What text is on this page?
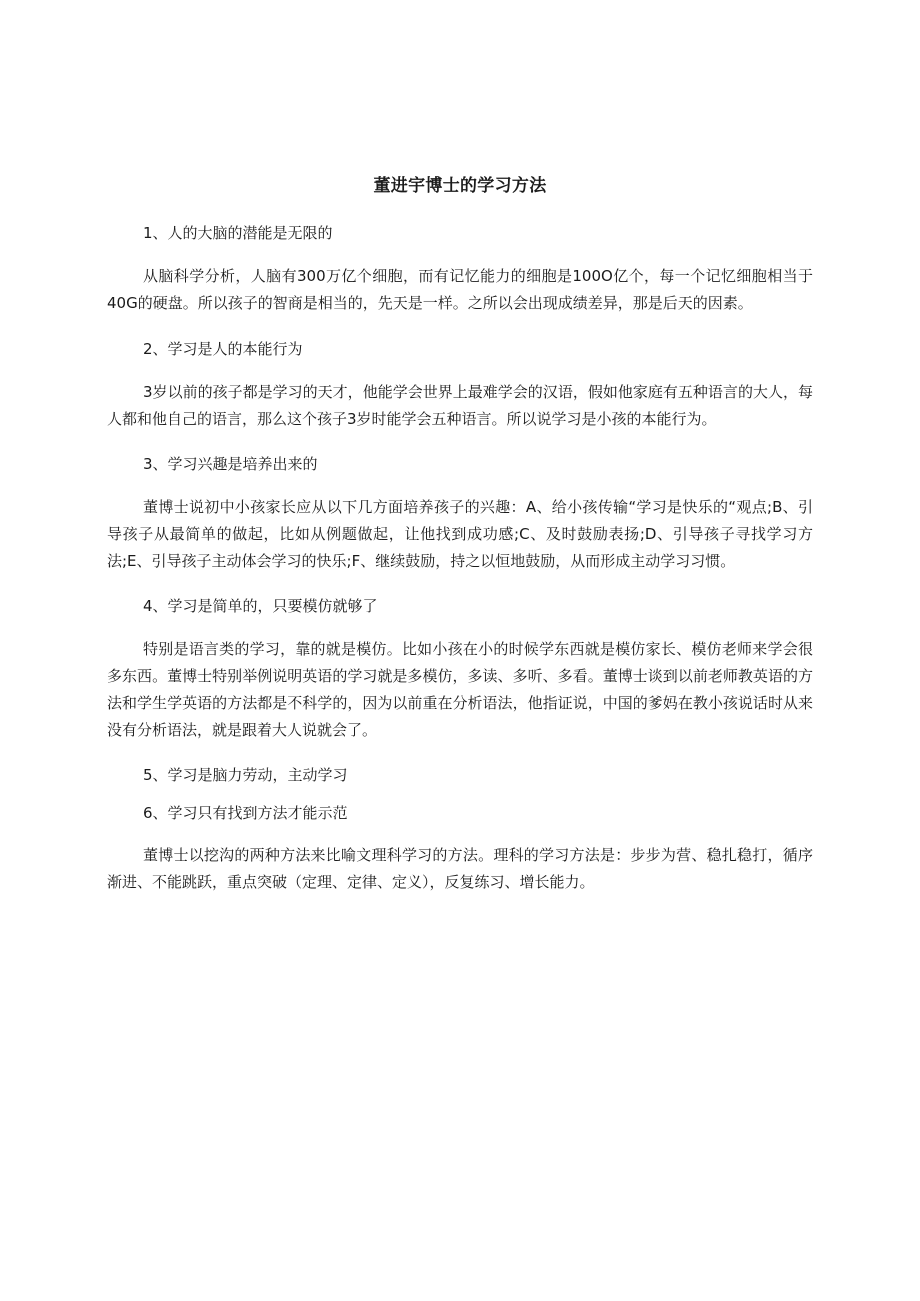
董进宇博士的学习方法

1、人的大脑的潜能是无限的

从脑科学分析，人脑有300万亿个细胞，而有记忆能力的细胞是100O亿个，每一个记忆细胞相当于40G的硬盘。所以孩子的智商是相当的，先天是一样。之所以会出现成绩差异，那是后天的因素。

2、学习是人的本能行为

3岁以前的孩子都是学习的天才，他能学会世界上最难学会的汉语，假如他家庭有五种语言的大人，每人都和他自己的语言，那么这个孩子3岁时能学会五种语言。所以说学习是小孩的本能行为。

3、学习兴趣是培养出来的

董博士说初中小孩家长应从以下几方面培养孩子的兴趣：A、给小孩传输“学习是快乐的“观点;B、引导孩子从最简单的做起，比如从例题做起，让他找到成功感;C、及时鼓励表扬;D、引导孩子寻找学习方法;E、引导孩子主动体会学习的快乐;F、继续鼓励，持之以恒地鼓励，从而形成主动学习习惯。

4、学习是简单的，只要模仿就够了

特别是语言类的学习，靠的就是模仿。比如小孩在小的时候学东西就是模仿家长、模仿老师来学会很多东西。董博士特别举例说明英语的学习就是多模仿，多读、多听、多看。董博士谈到以前老师教英语的方法和学生学英语的方法都是不科学的，因为以前重在分析语法，他指证说，中国的爹妈在教小孩说话时从来没有分析语法，就是跟着大人说就会了。

5、学习是脑力劳动，主动学习

6、学习只有找到方法才能示范

董博士以挖沟的两种方法来比喻文理科学习的方法。理科的学习方法是：步步为营、稳扎稳打，循序渐进、不能跳跃，重点突破（定理、定律、定义），反复练习、增长能力。
